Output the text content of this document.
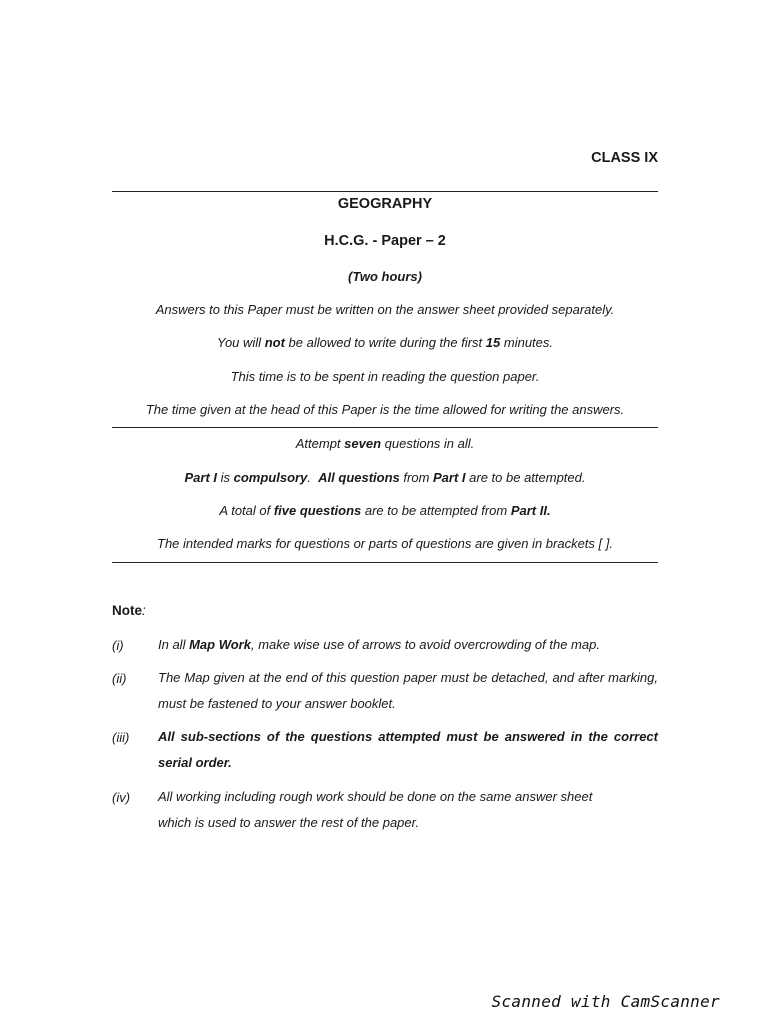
CLASS IX
GEOGRAPHY
H.C.G. - Paper – 2
(Two hours)
Answers to this Paper must be written on the answer sheet provided separately.
You will not be allowed to write during the first 15 minutes.
This time is to be spent in reading the question paper.
The time given at the head of this Paper is the time allowed for writing the answers.
Attempt seven questions in all.
Part I is compulsory.  All questions from Part I are to be attempted.
A total of five questions are to be attempted from Part II.
The intended marks for questions or parts of questions are given in brackets [ ].
Note:
(i)	In all Map Work, make wise use of arrows to avoid overcrowding of the map.
(ii) The Map given at the end of this question paper must be detached, and after marking, must be fastened to your answer booklet.
(iii) All sub-sections of the questions attempted must be answered in the correct serial order.
(iv) All working including rough work should be done on the same answer sheet
which is used to answer the rest of the paper.
Scanned with CamScanner
